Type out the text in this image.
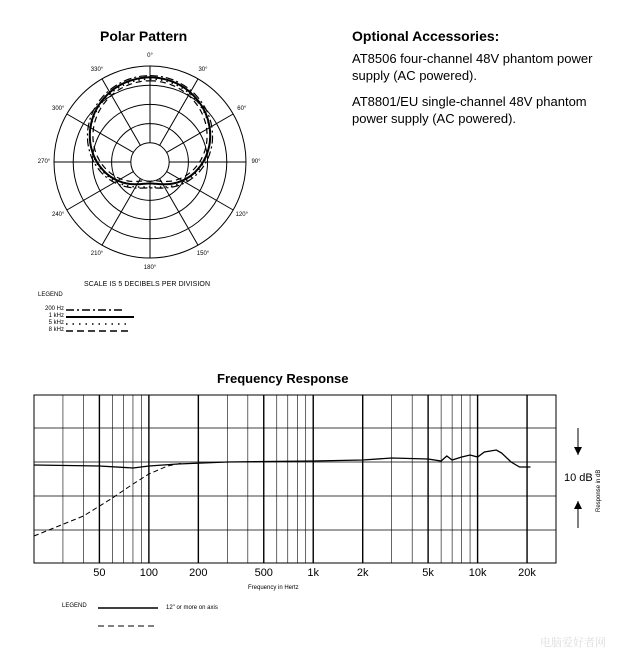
Polar Pattern
0°
30°
60°
90°
120°
150°
180°
210°
240°
270°
300°
330°
SCALE IS 5 DECIBELS PER DIVISION
LEGEND
200 Hz
1 kHz
5 kHz
8 kHz
Optional Accessories:
AT8506 four-channel 48V phantom power supply (AC powered).
AT8801/EU single-channel 48V phantom power supply (AC powered).
Frequency Response
50	100	200	500	1k	2k	5k	10k	20k
Frequency in Hertz
10 dB Response in dB
LEGEND	12" or more on axis
电脑爱好者网
